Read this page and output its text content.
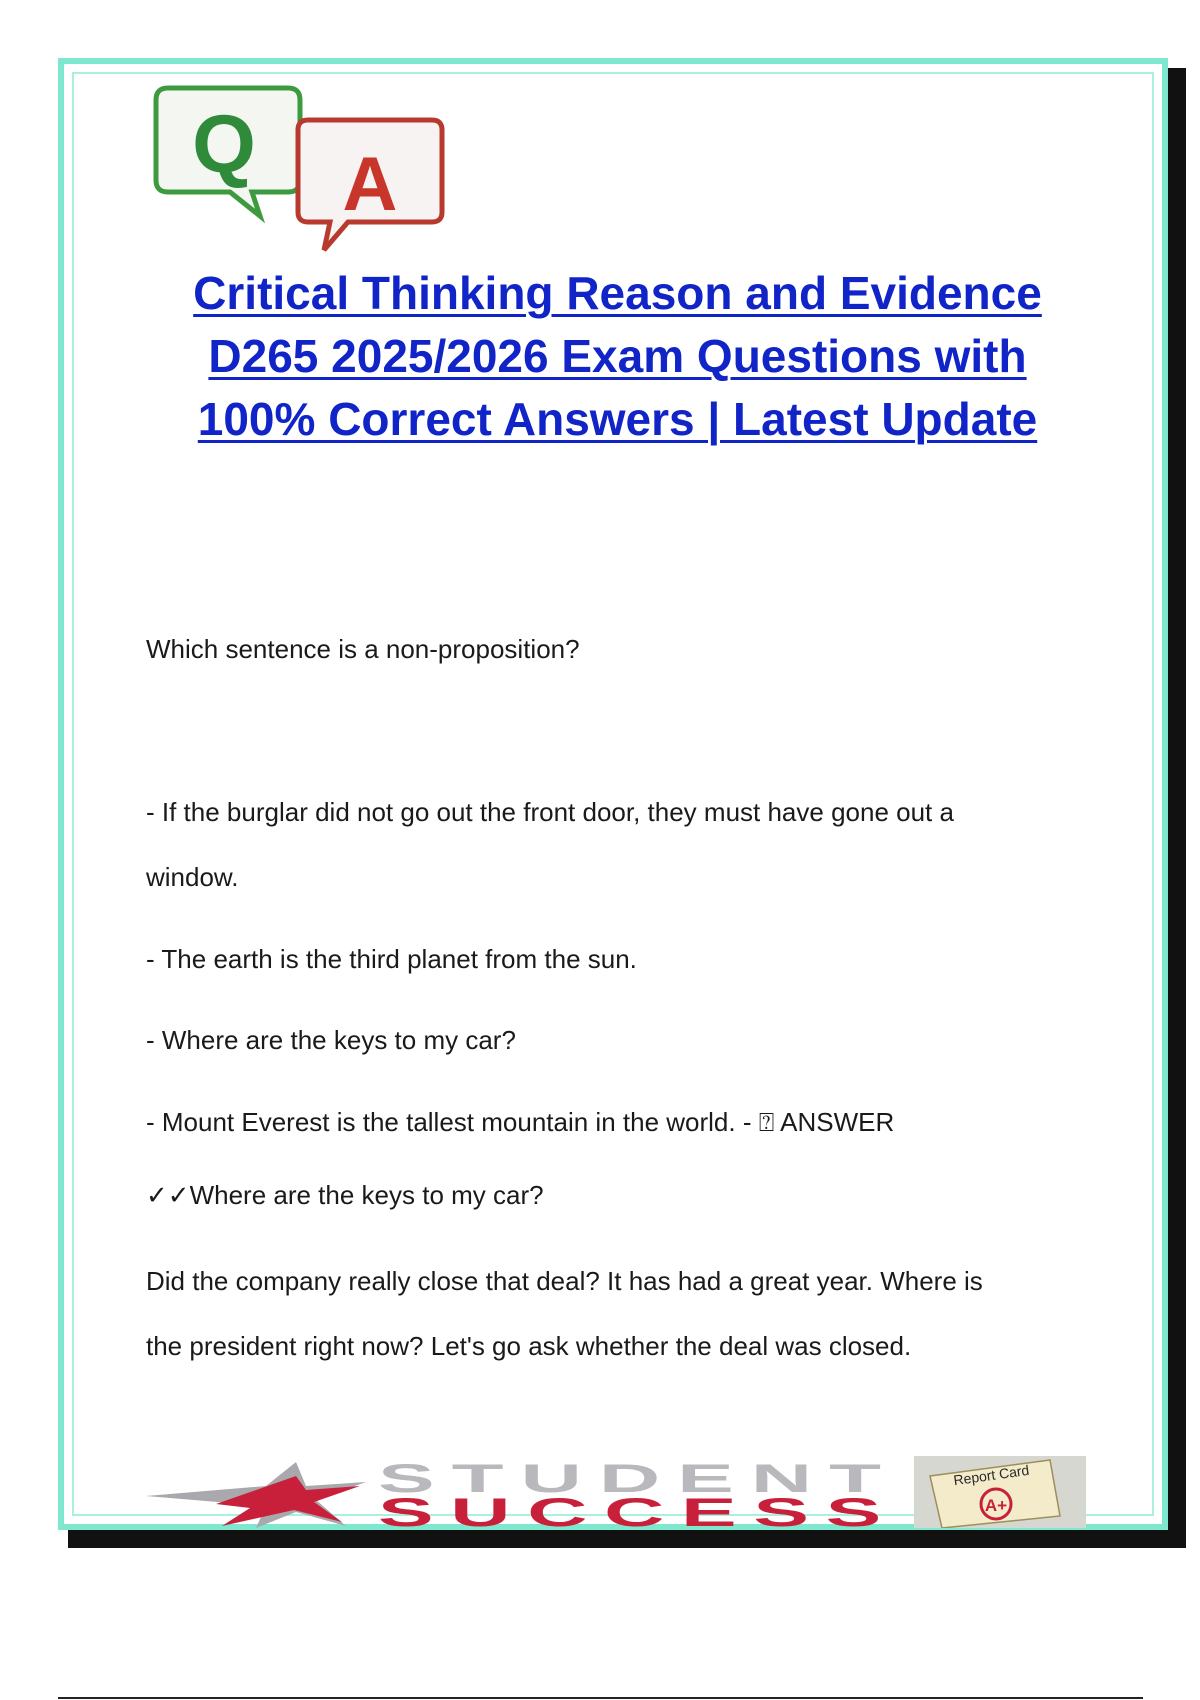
Q A
Critical Thinking Reason and Evidence
D265 2025/2026 Exam Questions with
100% Correct Answers | Latest Update
Which sentence is a non-proposition?
- If the burglar did not go out the front door, they must have gone out a
window.
- The earth is the third planet from the sun.
- Where are the keys to my car?
- Mount Everest is the tallest mountain in the world. - ⍰ ANSWER
✓✓Where are the keys to my car?
Did the company really close that deal? It has had a great year. Where is
the president right now? Let's go ask whether the deal was closed.
STUDENT
SUCCESS
Report Card
A+
